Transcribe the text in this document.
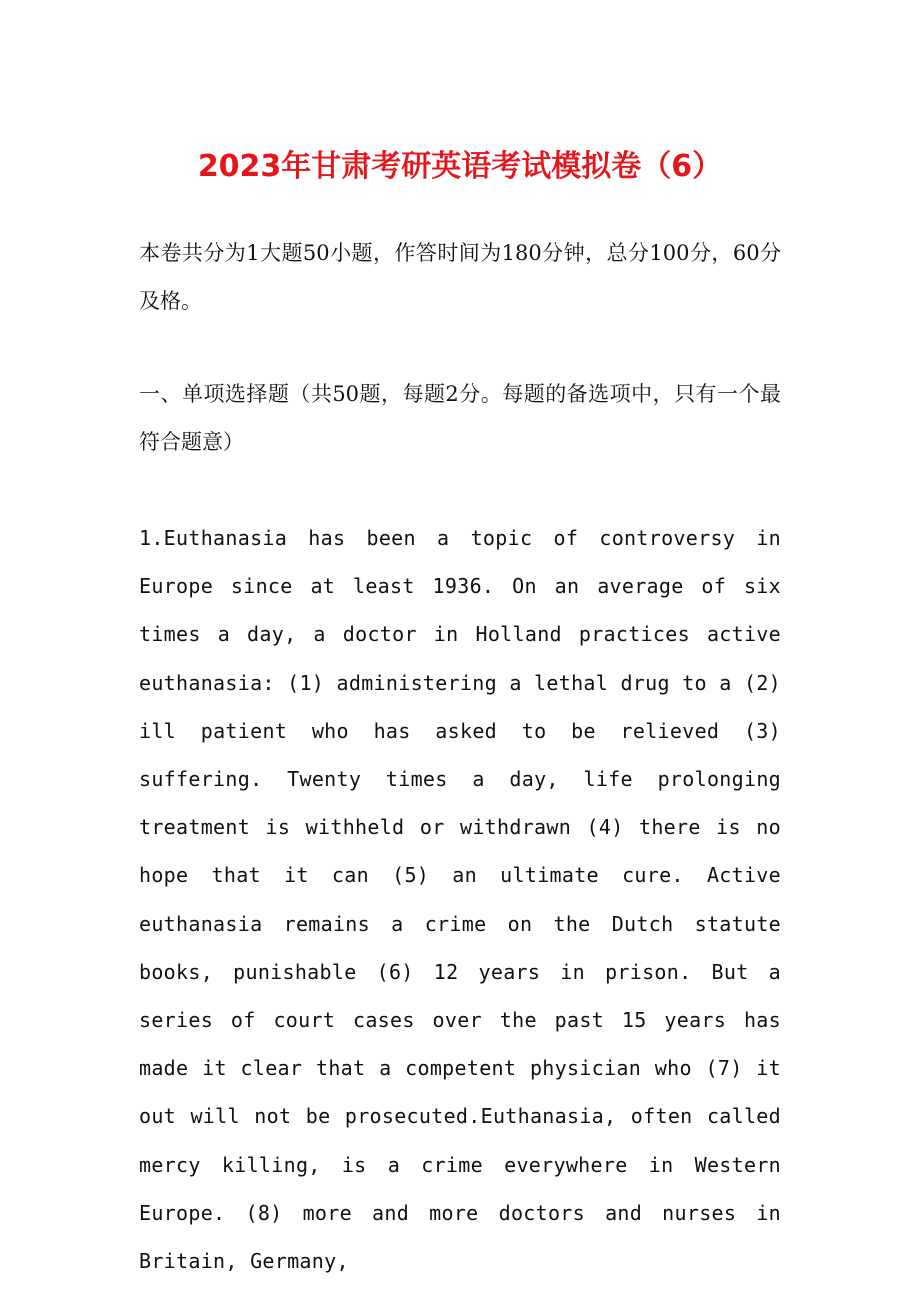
2023年甘肃考研英语考试模拟卷（6）

本卷共分为1大题50小题，作答时间为180分钟，总分100分，60分及格。

一、单项选择题（共50题，每题2分。每题的备选项中，只有一个最符合题意）

1.Euthanasia has been a topic of controversy in Europe since at least 1936. On an average of six times a day, a doctor in Holland practices active euthanasia: (1) administering a lethal drug to a (2) ill patient who has asked to be relieved (3) suffering. Twenty times a day, life prolonging treatment is withheld or withdrawn (4) there is no hope that it can (5) an ultimate cure. Active euthanasia remains a crime on the Dutch statute books, punishable (6) 12 years in prison. But a series of court cases over the past 15 years has made it clear that a competent physician who (7) it out will not be prosecuted.Euthanasia, often called mercy killing, is a crime everywhere in Western Europe. (8) more and more doctors and nurses in Britain, Germany,
